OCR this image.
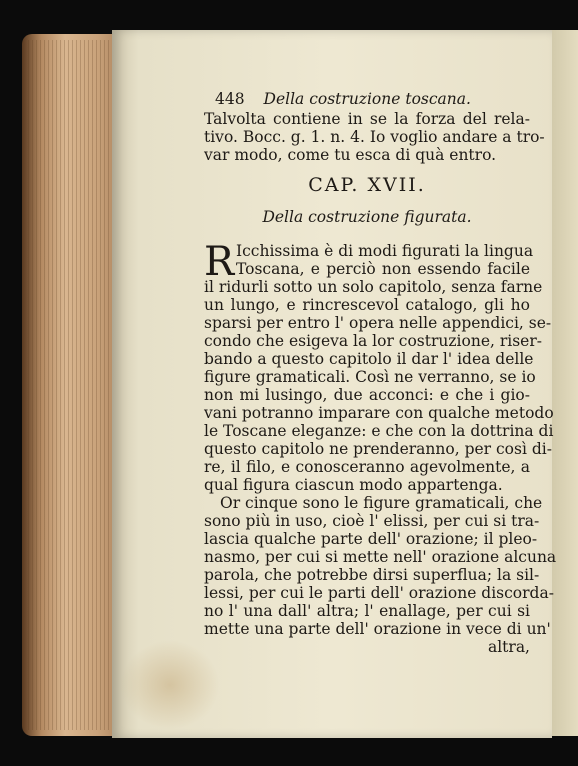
448 Della costruzione toscana.
Talvolta contiene in se la forza del rela-
tivo. Bocc. g. 1. n. 4. Io voglio andare a tro-
var modo, come tu esca di quà entro.
CAP. XVII.
Della costruzione figurata.
R Icchissima è di modi figurati la lingua
Toscana, e perciò non essendo facile
il ridurli sotto un solo capitolo, senza farne
un lungo, e rincrescevol catalogo, gli ho
sparsi per entro l' opera nelle appendici, se-
condo che esigeva la lor costruzione, riser-
bando a questo capitolo il dar l' idea delle
figure gramaticali. Così ne verranno, se io
non mi lusingo, due acconci: e che i gio-
vani potranno imparare con qualche metodo
le Toscane eleganze: e che con la dottrina di
questo capitolo ne prenderanno, per così di-
re, il filo, e conosceranno agevolmente, a
qual figura ciascun modo appartenga.
Or cinque sono le figure gramaticali, che
sono più in uso, cioè l' elissi, per cui si tra-
lascia qualche parte dell' orazione; il pleo-
nasmo, per cui si mette nell' orazione alcuna
parola, che potrebbe dirsi superflua; la sil-
lessi, per cui le parti dell' orazione discorda-
no l' una dall' altra; l' enallage, per cui si
mette una parte dell' orazione in vece di un'
altra,
